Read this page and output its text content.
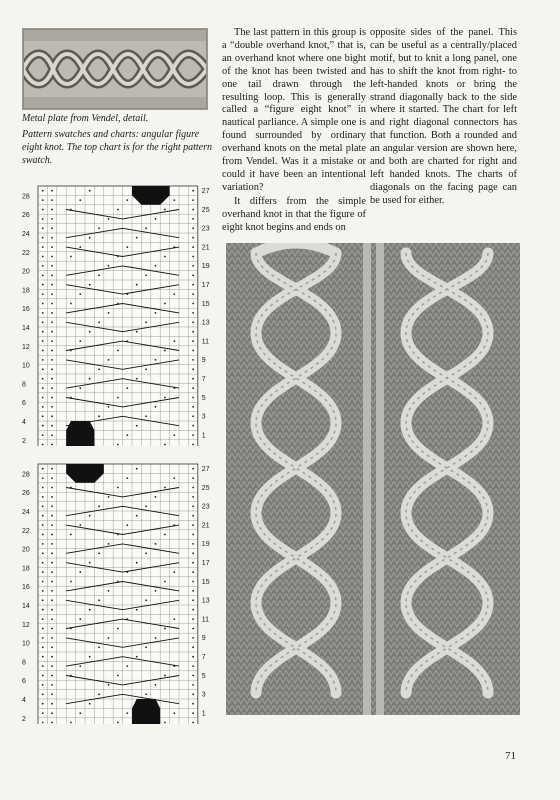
Metal plate from Vendel, detail.

Pattern swatches and charts: angular figure eight knot. The top chart is for the right pattern swatch.

28
26
24
22
20
18
16
14
12
10
8
6
4
2
27
25
23
21
19
17
15
13
11
9
7
5
3
1
28
26
24
22
20
18
16
14
12
10
8
6
4
2
27
25
23
21
19
17
15
13
11
9
7
5
3
1

The last pattern in this group is a “double overhand knot,” that is, an overhand knot where one bight of the knot has been twisted and one tail drawn through the resulting loop. This is generally called a “figure eight knot” in nautical parliance. A simple one is found surrounded by ordinary overhand knots on the metal plate from Vendel. Was it a mistake or could it have been an intentional variation?

It differs from the simple overhand knot in that the figure of eight knot begins and ends on

opposite sides of the panel. This can be useful as a centrally/placed motif, but to knit a long panel, one has to shift the knot from right- to left-handed knots or bring the strand diagonally back to the side where it started. The chart for left and right diagonal connectors has that function. Both a rounded and an angular version are shown here, and both are charted for right and left handed knots. The charts of diagonals on the facing page can be used for either.

71
